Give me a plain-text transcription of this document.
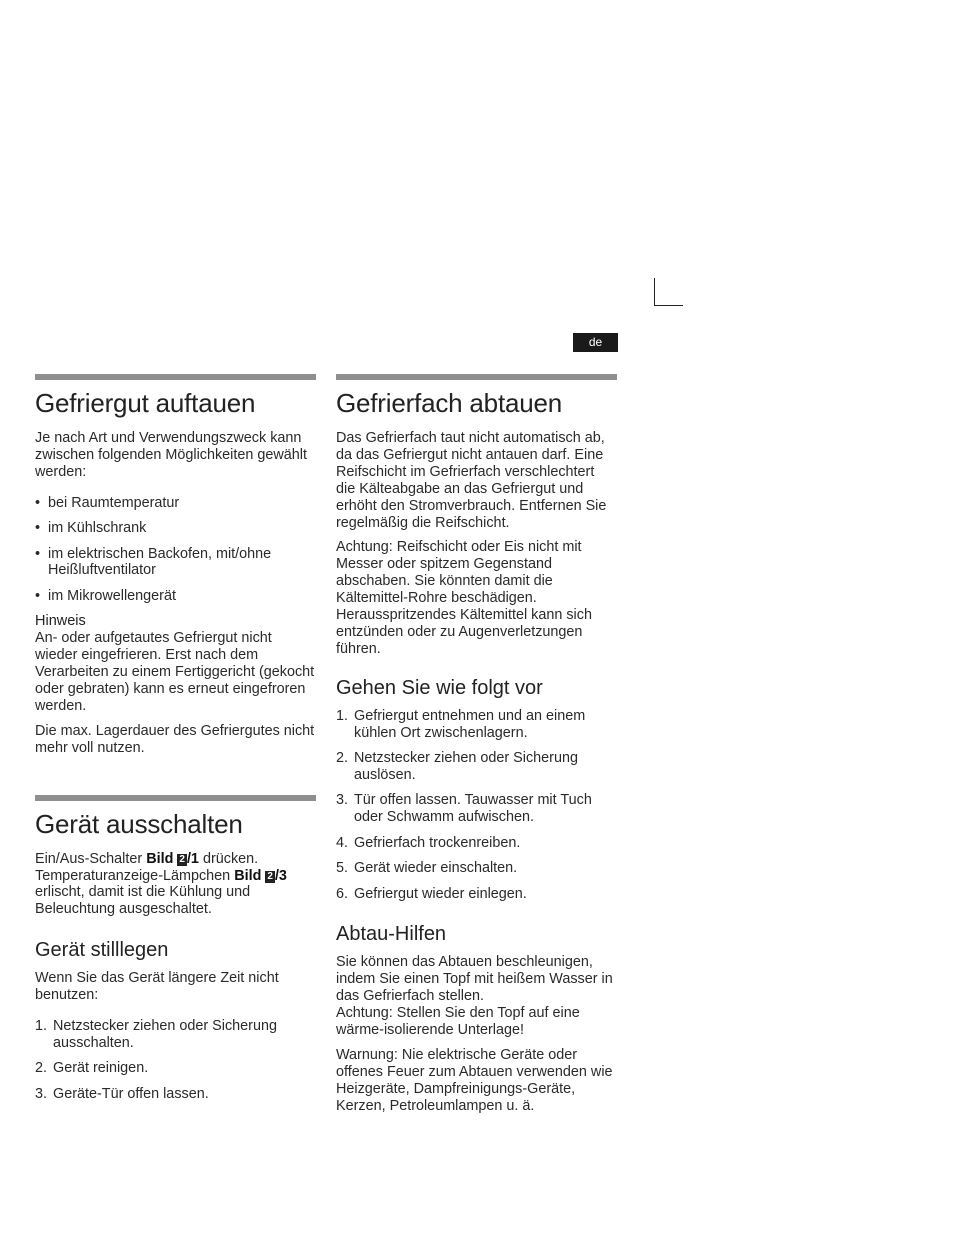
de
Gefriergut auftauen

Je nach Art und Verwendungszweck kann zwischen folgenden Möglichkeiten gewählt werden:

• bei Raumtemperatur
• im Kühlschrank
• im elektrischen Backofen, mit/ohne Heißluftventilator
• im Mikrowellengerät
Hinweis

An- oder aufgetautes Gefriergut nicht wieder eingefrieren. Erst nach dem Verarbeiten zu einem Fertiggericht (gekocht oder gebraten) kann es erneut eingefroren werden.

Die max. Lagerdauer des Gefriergutes nicht mehr voll nutzen.

Gerät ausschalten

Ein/Aus-Schalter Bild 2 /1 drücken. Temperaturanzeige-Lämpchen Bild 2 /3 erlischt, damit ist die Kühlung und Beleuchtung ausgeschaltet.

Gerät stilllegen

Wenn Sie das Gerät längere Zeit nicht benutzen:

1. Netzstecker ziehen oder Sicherung ausschalten.
2. Gerät reinigen.
3. Geräte-Tür offen lassen.
Gefrierfach abtauen

Das Gefrierfach taut nicht automatisch ab, da das Gefriergut nicht antauen darf. Eine Reifschicht im Gefrierfach verschlechtert die Kälteabgabe an das Gefriergut und erhöht den Stromverbrauch. Entfernen Sie regelmäßig die Reifschicht.

Achtung: Reifschicht oder Eis nicht mit Messer oder spitzem Gegenstand abschaben. Sie könnten damit die Kältemittel-Rohre beschädigen. Herausspritzendes Kältemittel kann sich entzünden oder zu Augenverletzungen führen.

Gehen Sie wie folgt vor
1. Gefriergut entnehmen und an einem kühlen Ort zwischenlagern.
2. Netzstecker ziehen oder Sicherung auslösen.
3. Tür offen lassen. Tauwasser mit Tuch oder Schwamm aufwischen.
4. Gefrierfach trockenreiben.
5. Gerät wieder einschalten.
6. Gefriergut wieder einlegen.
Abtau-Hilfen

Sie können das Abtauen beschleunigen, indem Sie einen Topf mit heißem Wasser in das Gefrierfach stellen.
Achtung: Stellen Sie den Topf auf eine wärme-isolierende Unterlage!

Warnung: Nie elektrische Geräte oder offenes Feuer zum Abtauen verwenden wie Heizgeräte, Dampfreinigungs-Geräte, Kerzen, Petroleumlampen u. ä.
